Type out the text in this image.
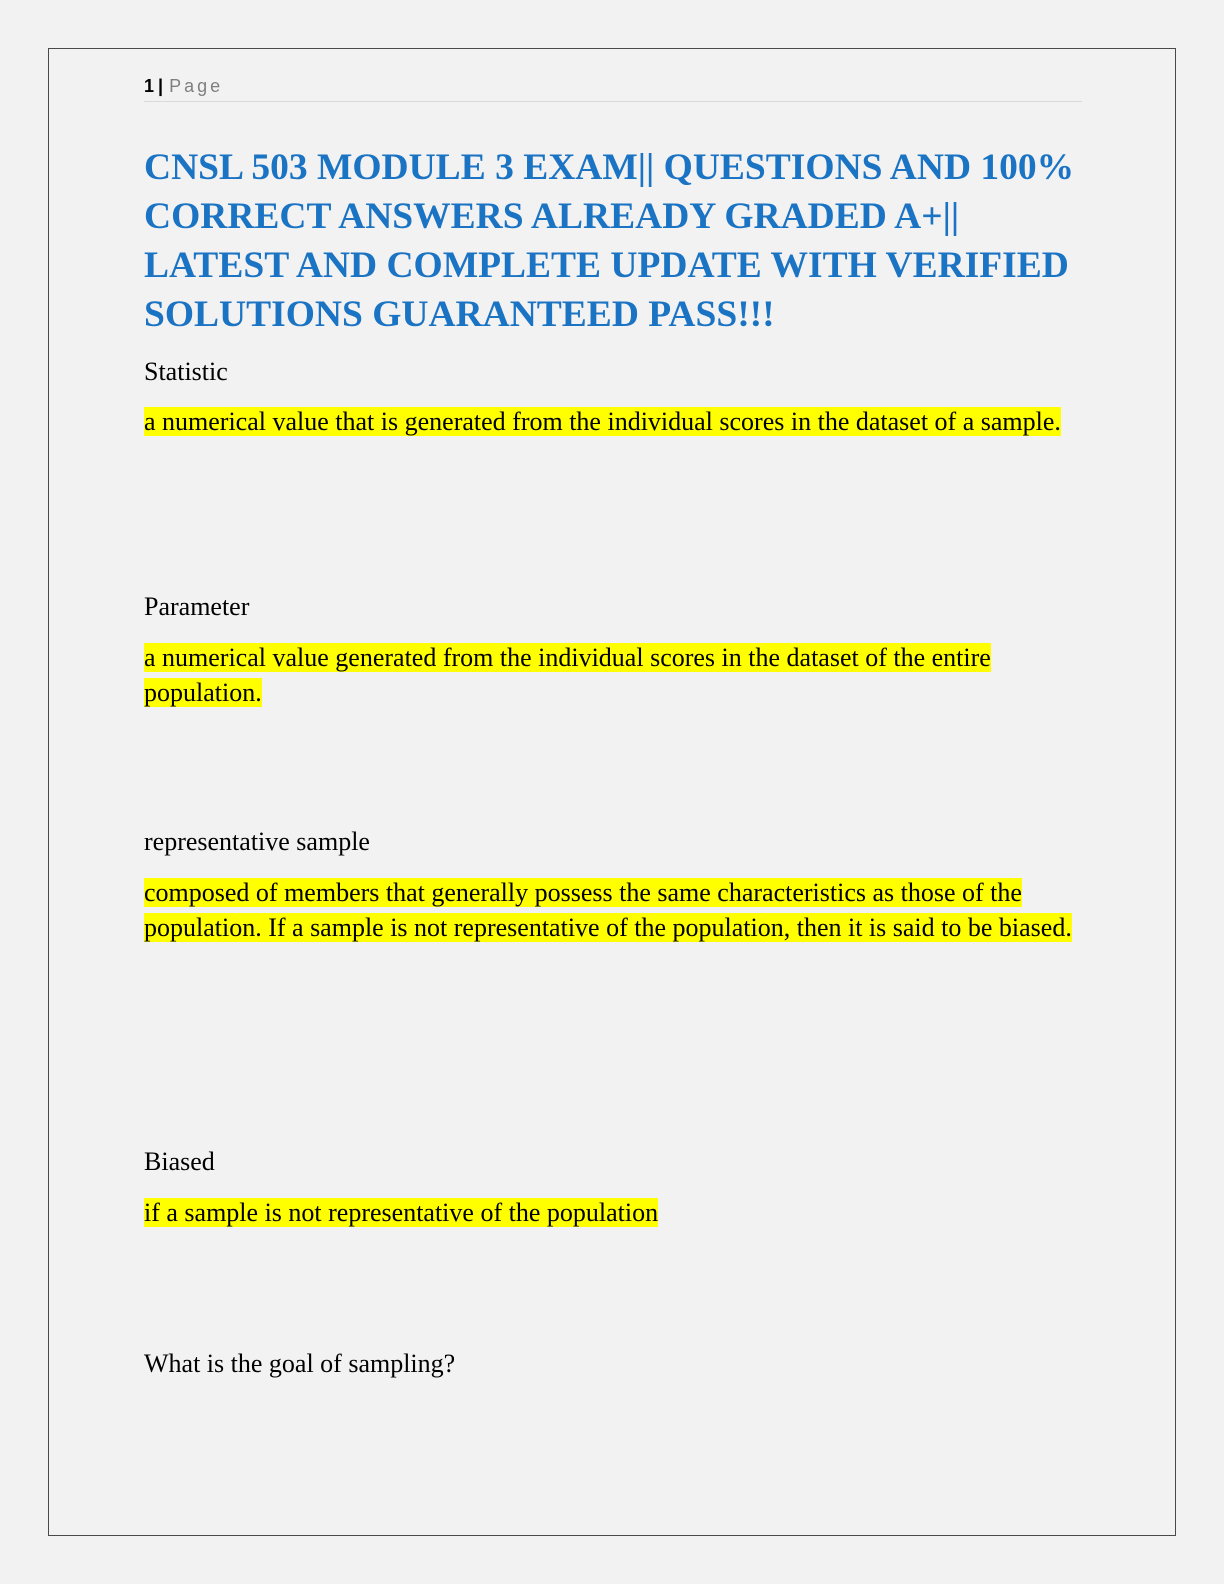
1 | Page
CNSL 503 MODULE 3 EXAM|| QUESTIONS AND 100% CORRECT ANSWERS ALREADY GRADED A+|| LATEST AND COMPLETE UPDATE WITH VERIFIED SOLUTIONS GUARANTEED PASS!!!

Statistic

a numerical value that is generated from the individual scores in the dataset of a sample.

Parameter

a numerical value generated from the individual scores in the dataset of the entire population.

representative sample

composed of members that generally possess the same characteristics as those of the population. If a sample is not representative of the population, then it is said to be biased.

Biased

if a sample is not representative of the population

What is the goal of sampling?
